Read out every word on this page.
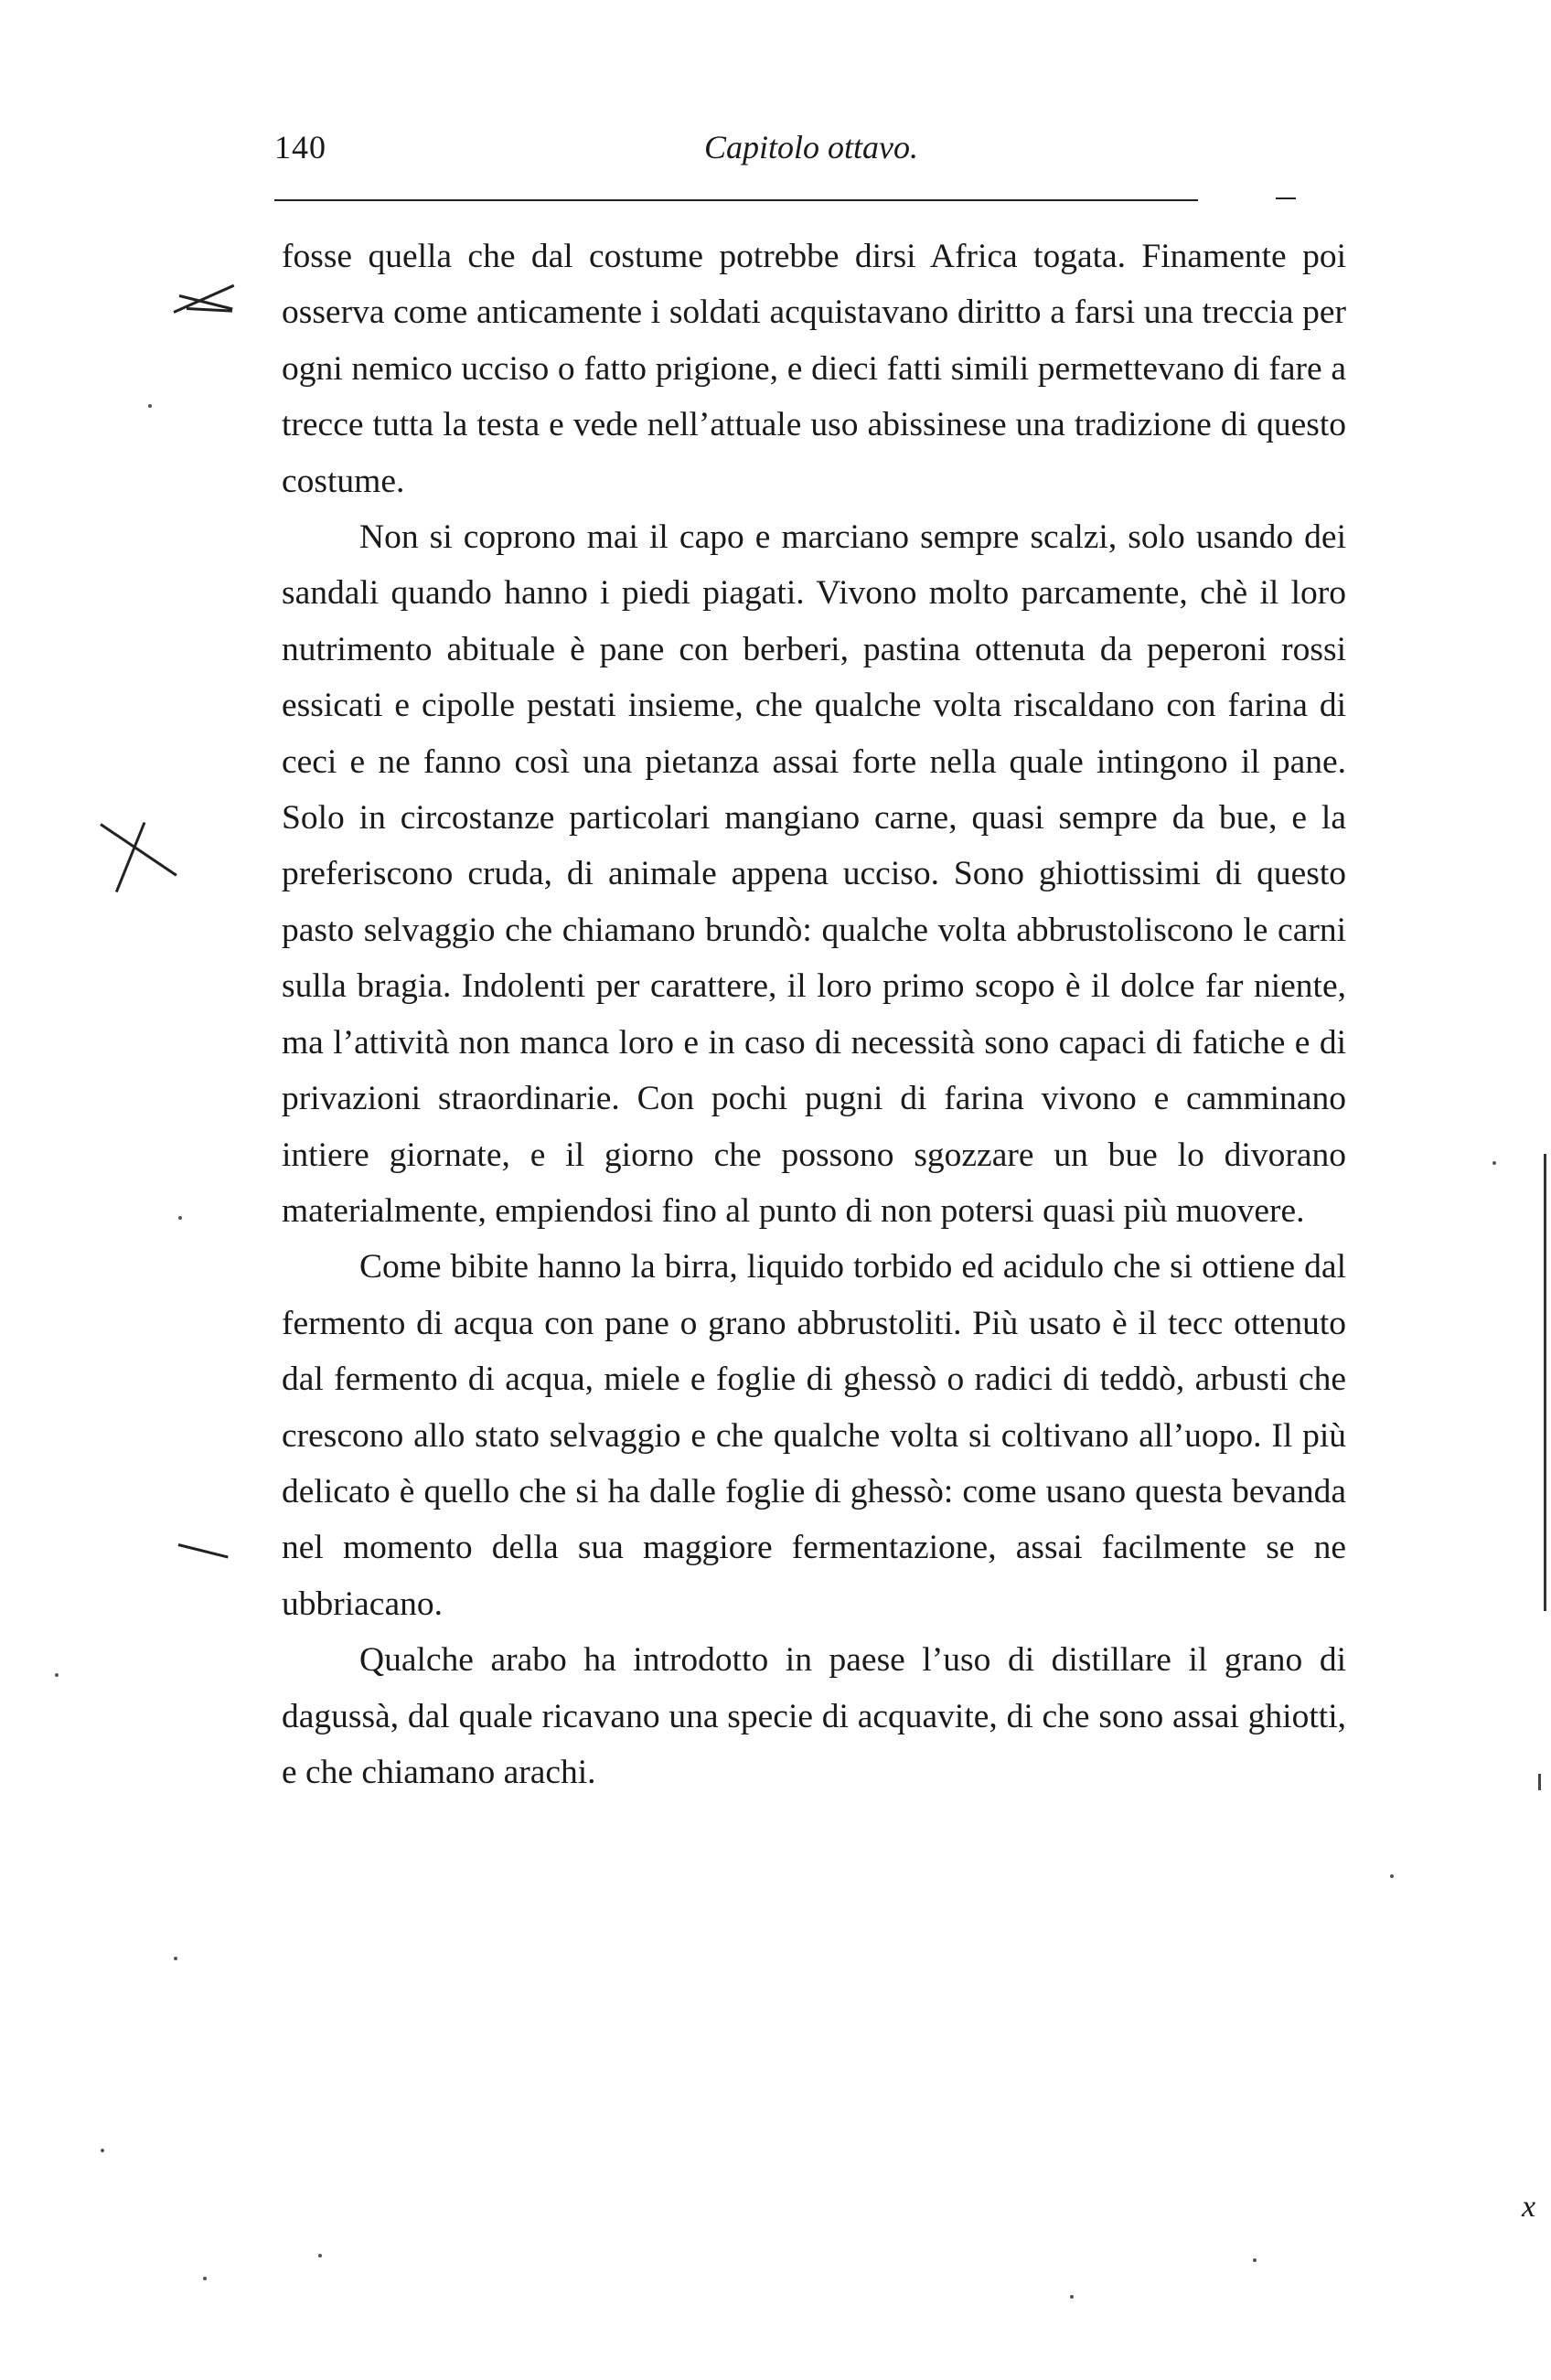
140	Capitolo ottavo.

fosse quella che dal costume potrebbe dirsi Africa togata. Finamente poi osserva come anticamente i soldati acquistavano diritto a farsi una treccia per ogni nemico ucciso o fatto prigione, e dieci fatti simili permettevano di fare a trecce tutta la testa e vede nell’attuale uso abissinese una tradizione di questo costume.

Non si coprono mai il capo e marciano sempre scalzi, solo usando dei sandali quando hanno i piedi piagati. Vivono molto parcamente, chè il loro nutrimento abituale è pane con berberi, pastina ottenuta da peperoni rossi essicati e cipolle pestati insieme, che qualche volta riscaldano con farina di ceci e ne fanno così una pietanza assai forte nella quale intingono il pane. Solo in circostanze particolari mangiano carne, quasi sempre da bue, e la preferiscono cruda, di animale appena ucciso. Sono ghiottissimi di questo pasto selvaggio che chiamano brundò: qualche volta abbrustoliscono le carni sulla bragia. Indolenti per carattere, il loro primo scopo è il dolce far niente, ma l’attività non manca loro e in caso di necessità sono capaci di fatiche e di privazioni straordinarie. Con pochi pugni di farina vivono e camminano intiere giornate, e il giorno che possono sgozzare un bue lo divorano materialmente, empiendosi fino al punto di non potersi quasi più muovere.

Come bibite hanno la birra, liquido torbido ed acidulo che si ottiene dal fermento di acqua con pane o grano abbrustoliti. Più usato è il tecc ottenuto dal fermento di acqua, miele e foglie di ghessò o radici di teddò, arbusti che crescono allo stato selvaggio e che qualche volta si coltivano all’uopo. Il più delicato è quello che si ha dalle foglie di ghessò: come usano questa bevanda nel momento della sua maggiore fermentazione, assai facilmente se ne ubbriacano.

Qualche arabo ha introdotto in paese l’uso di distillare il grano di dagussà, dal quale ricavano una specie di acquavite, di che sono assai ghiotti, e che chiamano arachi.

x
